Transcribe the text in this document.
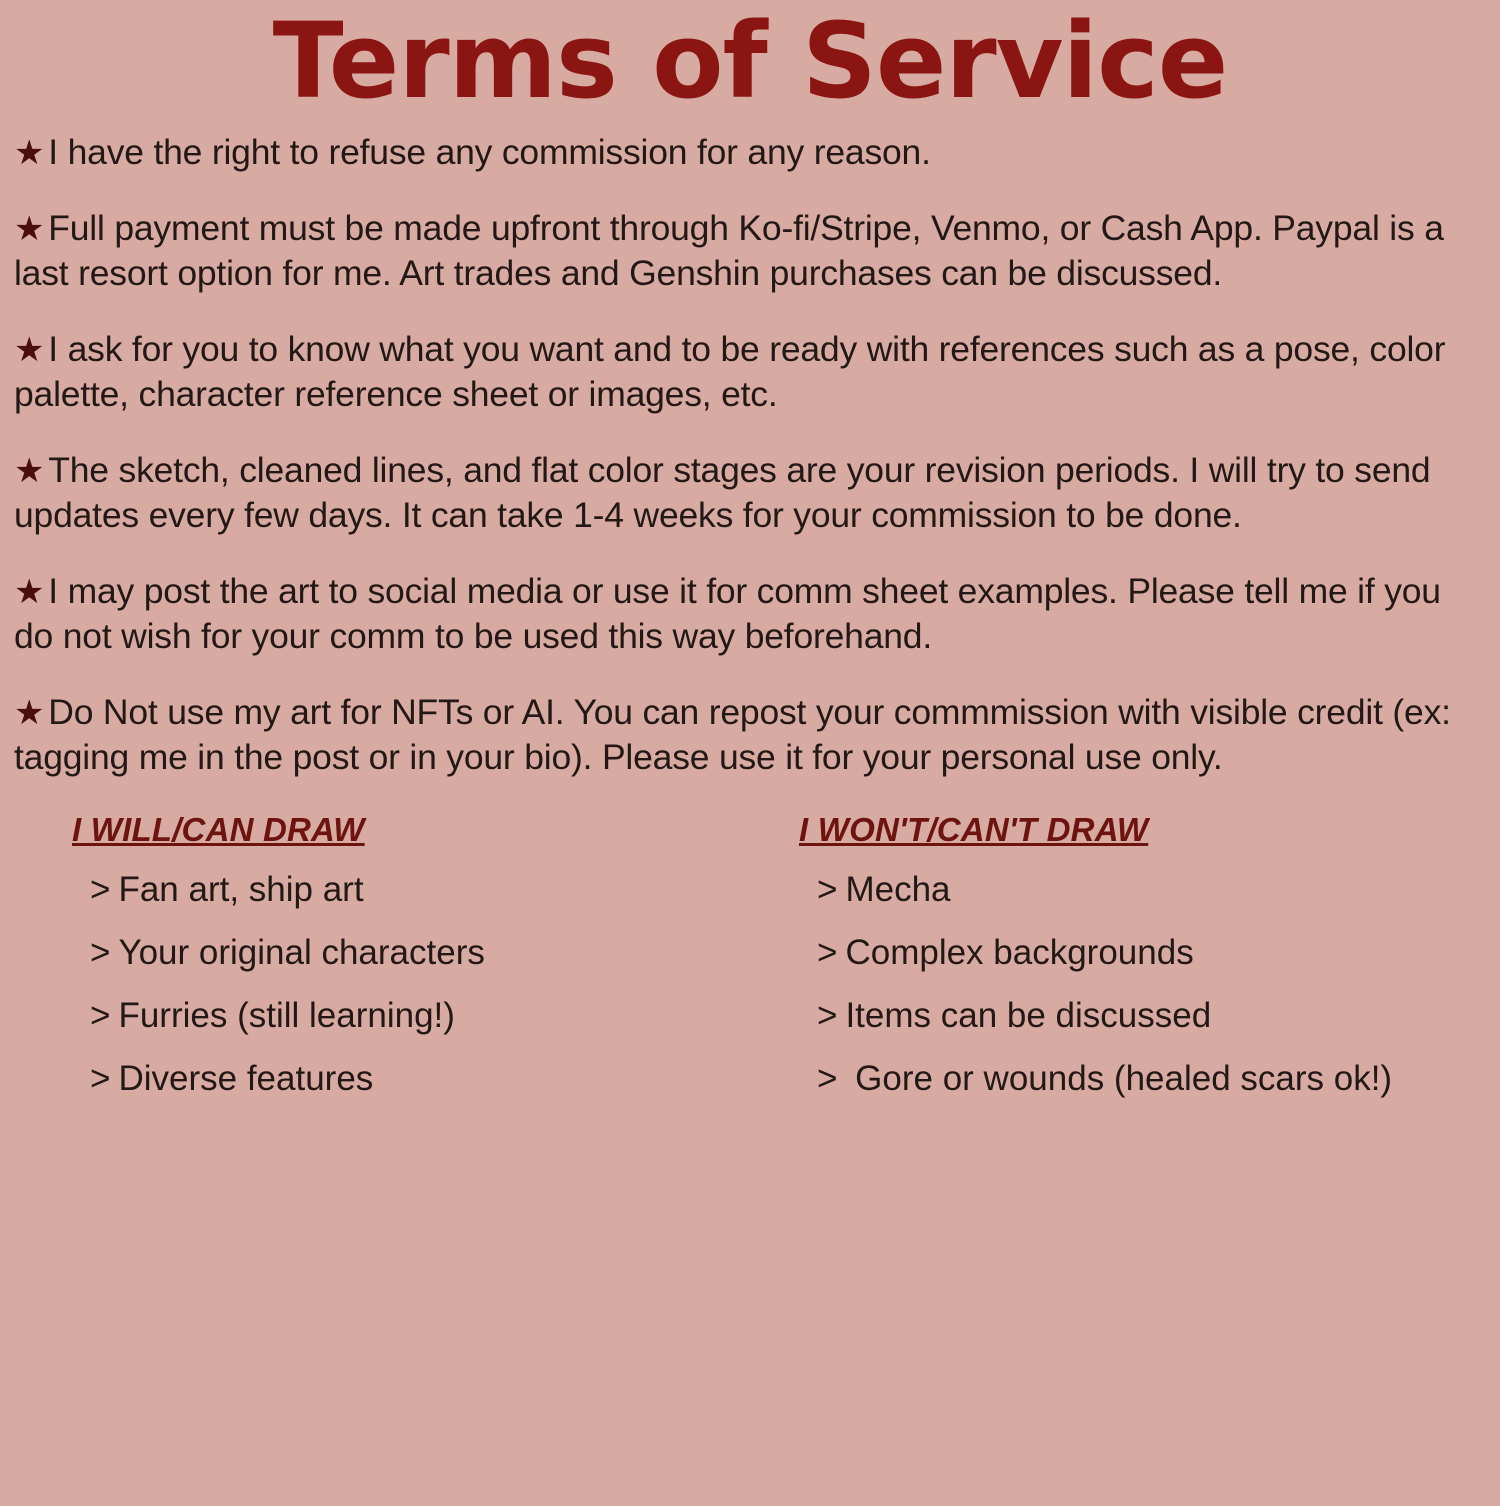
Terms of Service
★ I have the right to refuse any commission for any reason.
★ Full payment must be made upfront through Ko-fi/Stripe, Venmo, or Cash App. Paypal is a last resort option for me. Art trades and Genshin purchases can be discussed.
★ I ask for you to know what you want and to be ready with references such as a pose, color palette, character reference sheet or images, etc.
★ The sketch, cleaned lines, and flat color stages are your revision periods. I will try to send updates every few days. It can take 1-4 weeks for your commission to be done.
★ I may post the art to social media or use it for comm sheet examples. Please tell me if you do not wish for your comm to be used this way beforehand.
★ Do Not use my art for NFTs or AI. You can repost your commmission with visible credit (ex: tagging me in the post or in your bio). Please use it for your personal use only.
I WILL/CAN DRAW
> Fan art, ship art
> Your original characters
> Furries (still learning!)
> Diverse features
I WON'T/CAN'T DRAW
> Mecha
> Complex backgrounds
> Items can be discussed
> Gore or wounds (healed scars ok!)
